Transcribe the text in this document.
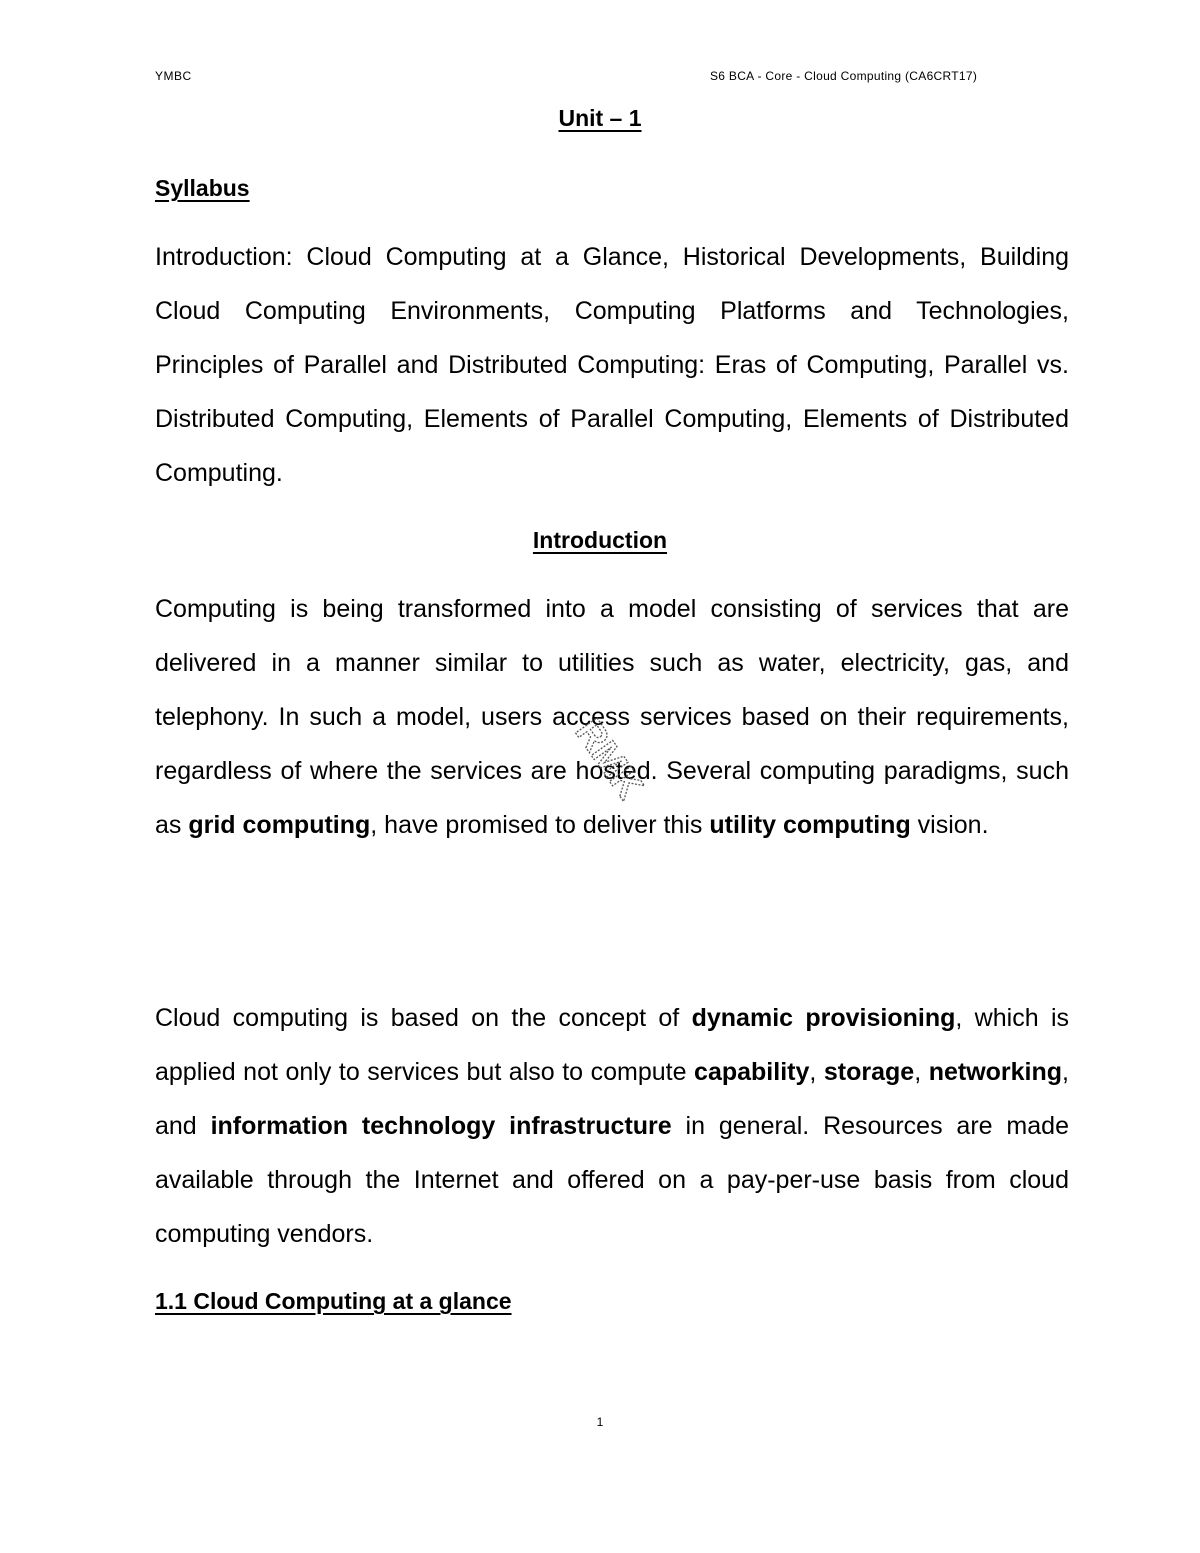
YMBC	S6 BCA - Core - Cloud Computing (CA6CRT17)
Unit – 1
Syllabus

Introduction: Cloud Computing at a Glance, Historical Developments, Building Cloud Computing Environments, Computing Platforms and Technologies, Principles of Parallel and Distributed Computing: Eras of Computing, Parallel vs. Distributed Computing, Elements of Parallel Computing, Elements of Distributed Computing.

Introduction

Computing is being transformed into a model consisting of services that are delivered in a manner similar to utilities such as water, electricity, gas, and telephony. In such a model, users access services based on their requirements, regardless of where the services are hosted. Several computing paradigms, such as grid computing, have promised to deliver this utility computing vision.

Cloud computing is based on the concept of dynamic provisioning, which is applied not only to services but also to compute capability, storage, networking, and information technology infrastructure in general. Resources are made available through the Internet and offered on a pay-per-use basis from cloud computing vendors.

1.1 Cloud Computing at a glance
RMK
1
